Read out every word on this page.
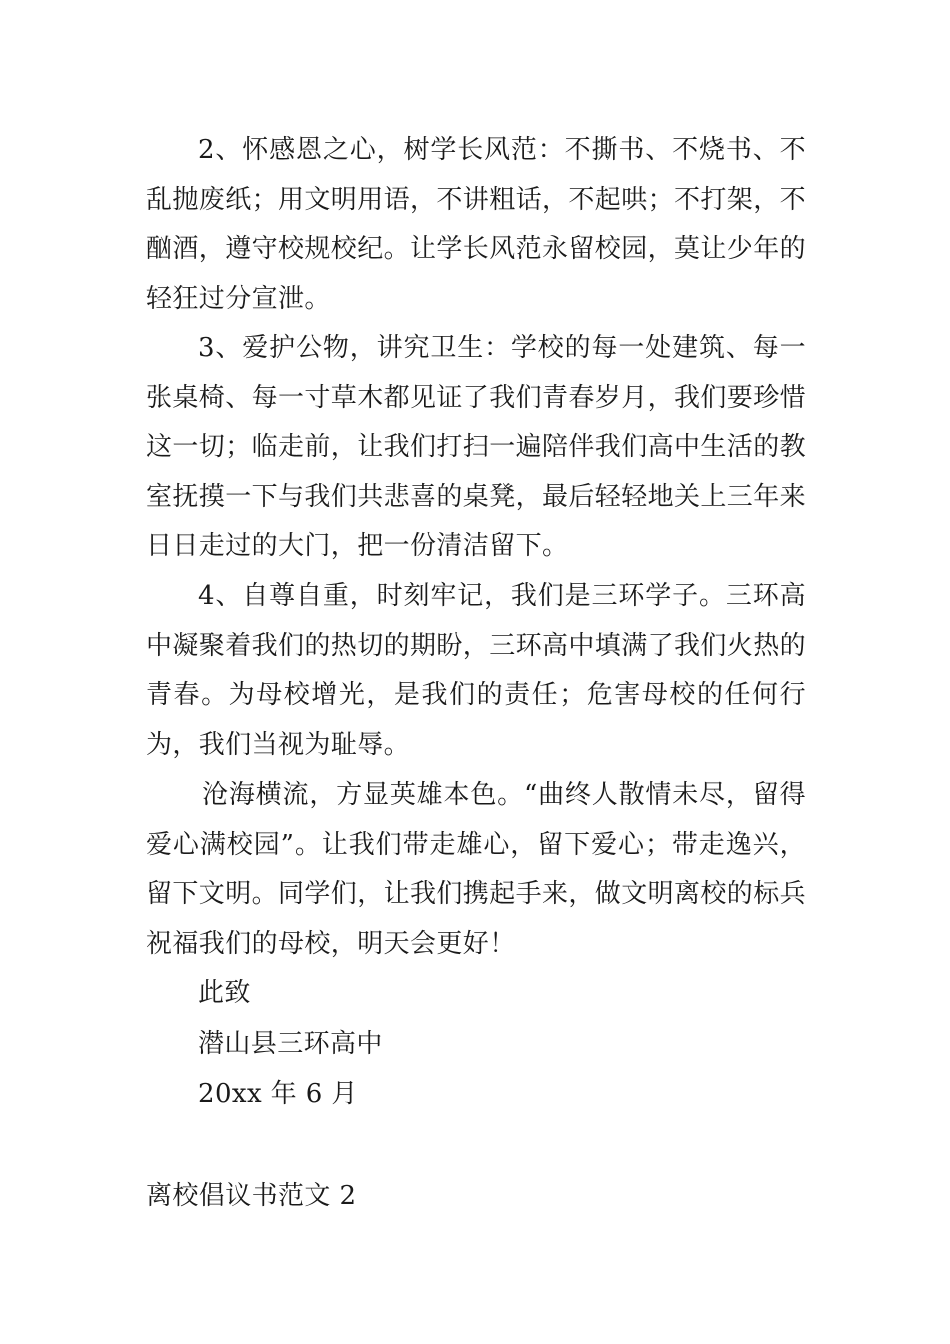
2、怀感恩之心，树学长风范：不撕书、不烧书、不乱抛废纸；用文明用语，不讲粗话，不起哄；不打架，不酗酒，遵守校规校纪。让学长风范永留校园，莫让少年的轻狂过分宣泄。

3、爱护公物，讲究卫生：学校的每一处建筑、每一张桌椅、每一寸草木都见证了我们青春岁月，我们要珍惜这一切；临走前，让我们打扫一遍陪伴我们高中生活的教室抚摸一下与我们共悲喜的桌凳，最后轻轻地关上三年来日日走过的大门，把一份清洁留下。

4、自尊自重，时刻牢记，我们是三环学子。三环高中凝聚着我们的热切的期盼，三环高中填满了我们火热的青春。为母校增光，是我们的责任；危害母校的任何行为，我们当视为耻辱。

沧海横流，方显英雄本色。“曲终人散情未尽，留得爱心满校园”。让我们带走雄心，留下爱心；带走逸兴，留下文明。同学们，让我们携起手来，做文明离校的标兵祝福我们的母校，明天会更好！

此致

潜山县三环高中

20xx 年 6 月

离校倡议书范文 2
